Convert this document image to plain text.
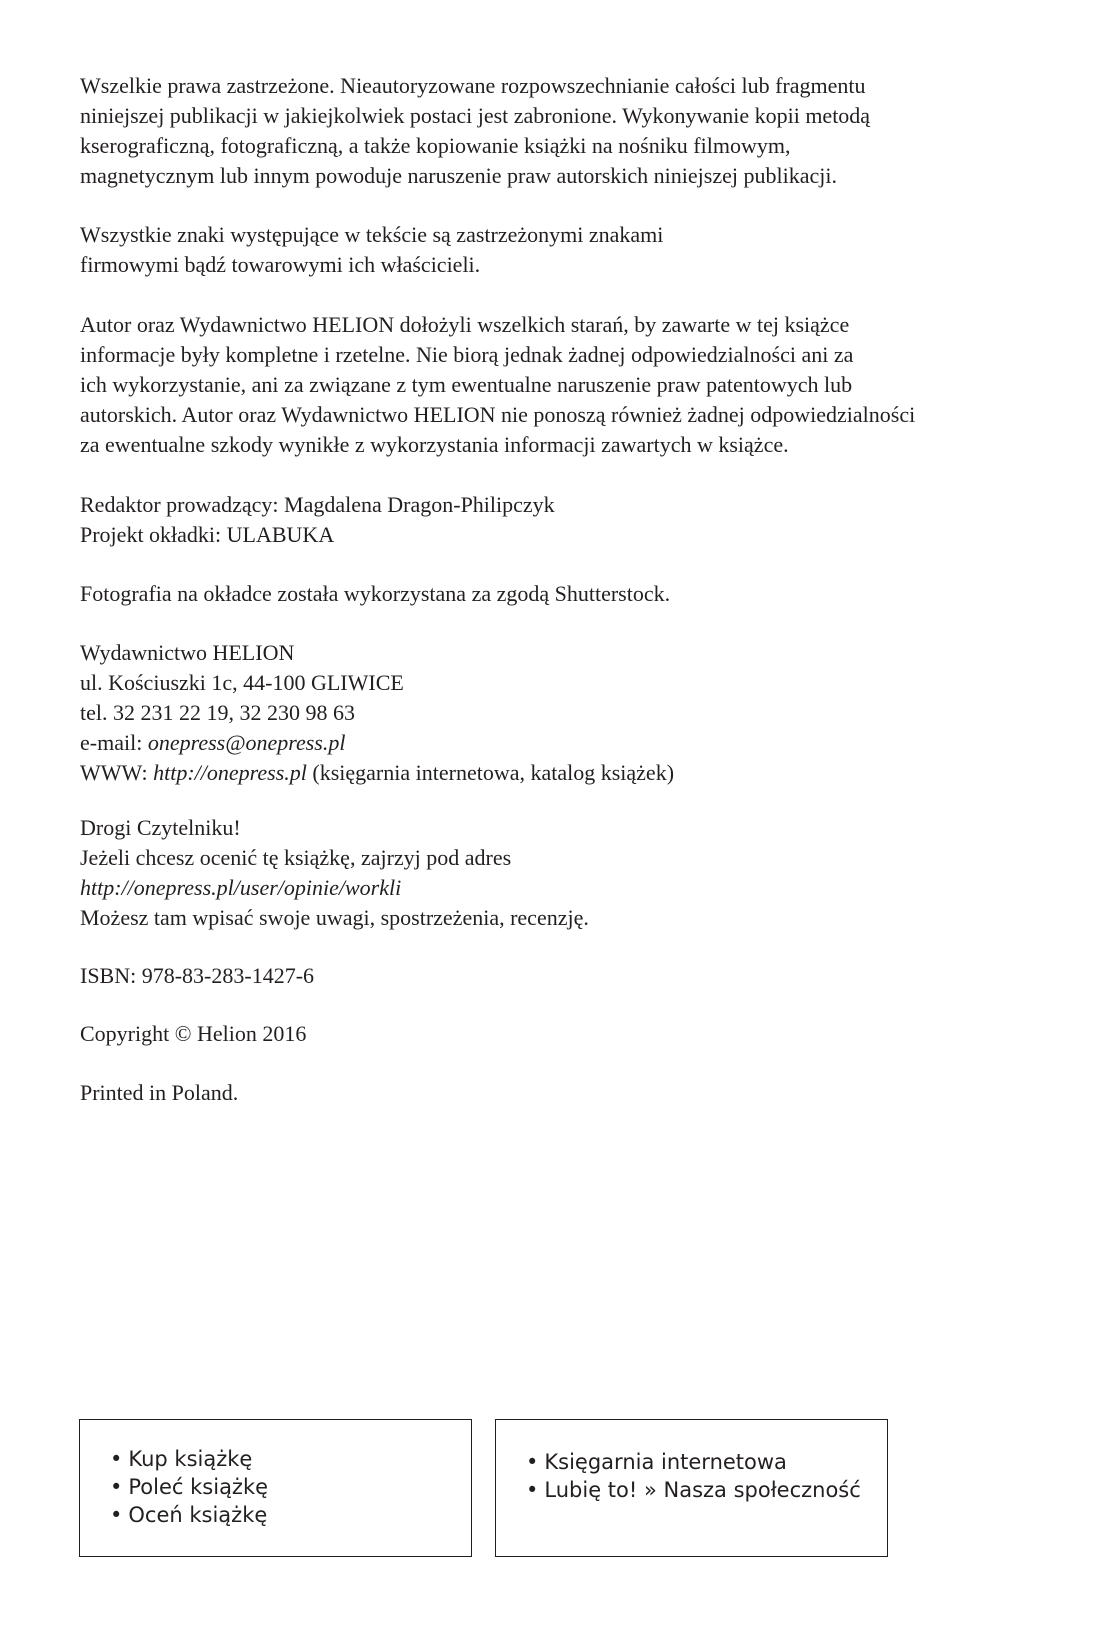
Wszelkie prawa zastrzeżone. Nieautoryzowane rozpowszechnianie całości lub fragmentu
niniejszej publikacji w jakiejkolwiek postaci jest zabronione. Wykonywanie kopii metodą
kserograficzną, fotograficzną, a także kopiowanie książki na nośniku filmowym,
magnetycznym lub innym powoduje naruszenie praw autorskich niniejszej publikacji.
Wszystkie znaki występujące w tekście są zastrzeżonymi znakami
firmowymi bądź towarowymi ich właścicieli.
Autor oraz Wydawnictwo HELION dołożyli wszelkich starań, by zawarte w tej książce
informacje były kompletne i rzetelne. Nie biorą jednak żadnej odpowiedzialności ani za
ich wykorzystanie, ani za związane z tym ewentualne naruszenie praw patentowych lub
autorskich. Autor oraz Wydawnictwo HELION nie ponoszą również żadnej odpowiedzialności
za ewentualne szkody wynikłe z wykorzystania informacji zawartych w książce.
Redaktor prowadzący: Magdalena Dragon-Philipczyk
Projekt okładki: ULABUKA
Fotografia na okładce została wykorzystana za zgodą Shutterstock.
Wydawnictwo HELION
ul. Kościuszki 1c, 44-100 GLIWICE
tel. 32 231 22 19, 32 230 98 63
e-mail: onepress@onepress.pl
WWW: http://onepress.pl (księgarnia internetowa, katalog książek)
Drogi Czytelniku!
Jeżeli chcesz ocenić tę książkę, zajrzyj pod adres
http://onepress.pl/user/opinie/workli
Możesz tam wpisać swoje uwagi, spostrzeżenia, recenzję.
ISBN: 978-83-283-1427-6
Copyright © Helion 2016
Printed in Poland.
• Kup książkę
• Poleć książkę
• Oceń książkę
• Księgarnia internetowa
• Lubię to! » Nasza społeczność
